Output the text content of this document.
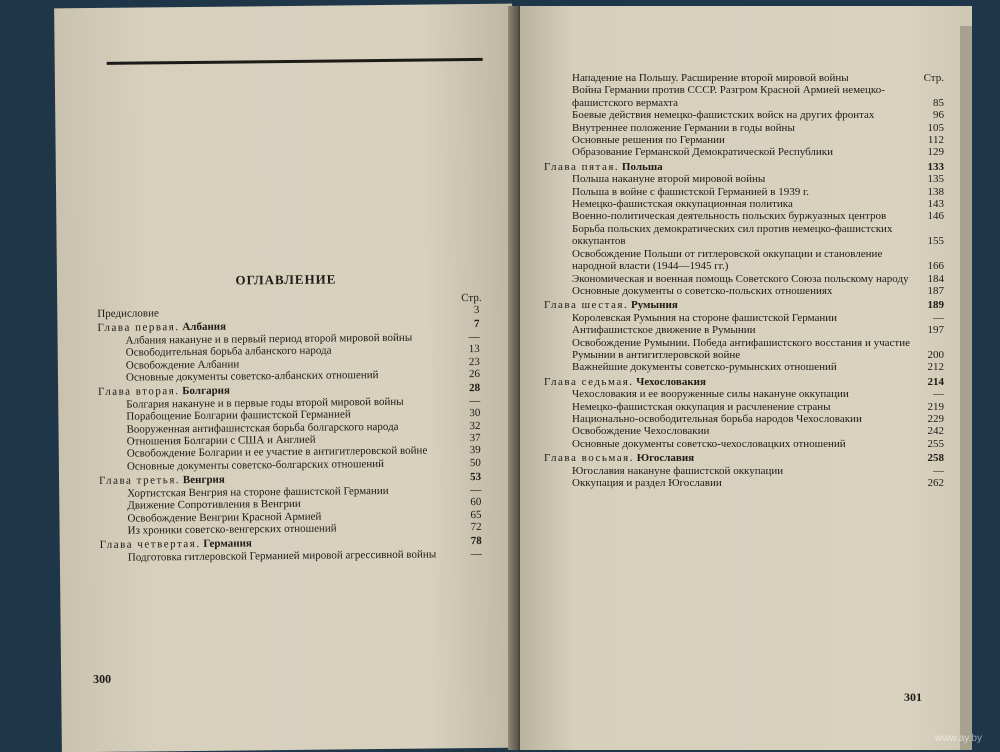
ОГЛАВЛЕНИЕ
Стр.
Предисловие	3
Глава первая. Албания	7
Албания накануне и в первый период второй мировой войны	—
Освободительная борьба албанского народа	13
Освобождение Албании	23
Основные документы советско-албанских отношений	26
Глава вторая. Болгария	28
Болгария накануне и в первые годы второй мировой войны	—
Порабощение Болгарии фашистской Германией	30
Вооруженная антифашистская борьба болгарского народа	32
Отношения Болгарии с США и Англией	37
Освобождение Болгарии и ее участие в антигитлеровской войне	39
Основные документы советско-болгарских отношений	50
Глава третья. Венгрия	53
Хортистская Венгрия на стороне фашистской Германии	—
Движение Сопротивления в Венгрии	60
Освобождение Венгрии Красной Армией	65
Из хроники советско-венгерских отношений	72
Глава четвертая. Германия	78
Подготовка гитлеровской Германией мировой агрессивной войны	—
300
Нападение на Польшу. Расширение второй мировой войны	Стр.
Война Германии против СССР. Разгром Красной Армией немецко-фашистского вермахта	85
Боевые действия немецко-фашистских войск на других фронтах	96
Внутреннее положение Германии в годы войны	105
Основные решения по Германии	112
Образование Германской Демократической Республики	129
Глава пятая. Польша	133
Польша накануне второй мировой войны	135
Польша в войне с фашистской Германией в 1939 г.	138
Немецко-фашистская оккупационная политика	143
Военно-политическая деятельность польских буржуазных центров	146
Борьба польских демократических сил против немецко-фашистских оккупантов	155
Освобождение Польши от гитлеровской оккупации и становление народной власти (1944—1945 гг.)	166
Экономическая и военная помощь Советского Союза польскому народу	184
Основные документы о советско-польских отношениях	187
Глава шестая. Румыния	189
Королевская Румыния на стороне фашистской Германии	—
Антифашистское движение в Румынии	197
Освобождение Румынии. Победа антифашистского восстания и участие Румынии в антигитлеровской войне	200
Важнейшие документы советско-румынских отношений	212
Глава седьмая. Чехословакия	214
Чехословакия и ее вооруженные силы накануне оккупации	—
Немецко-фашистская оккупация и расчленение страны	219
Национально-освободительная борьба народов Чехословакии	229
Освобождение Чехословакии	242
Основные документы советско-чехословацких отношений	255
Глава восьмая. Югославия	258
Югославия накануне фашистской оккупации	—
Оккупация и раздел Югославии	262
301
www.ay.by
